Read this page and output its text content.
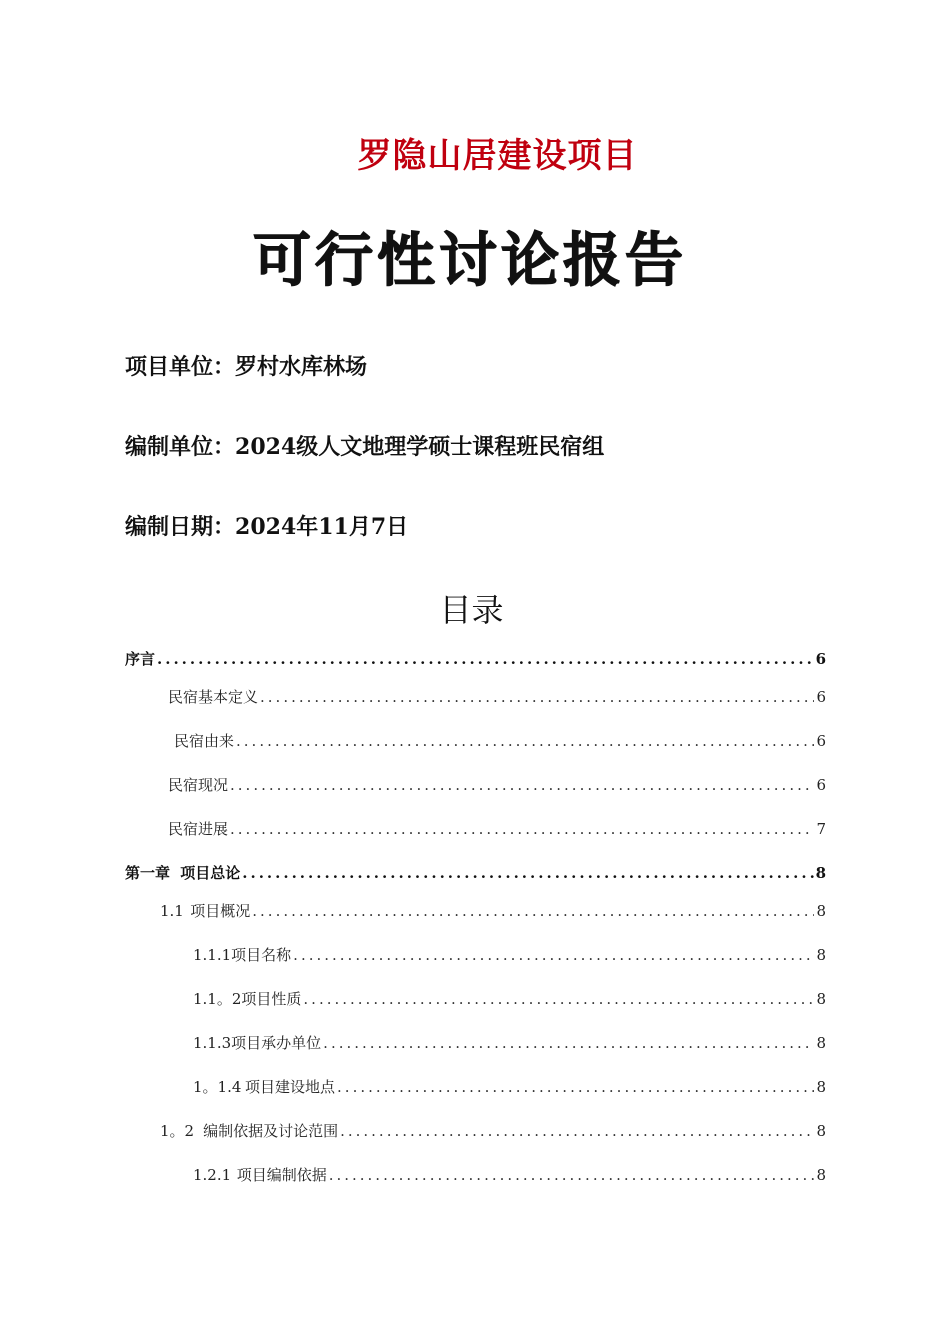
罗隐山居建设项目
可行性讨论报告
项目单位：罗村水库林场
编制单位：2024级人文地理学硕士课程班民宿组
编制日期：2024年11月7日
目录
序言 .....	6
民宿基本定义 .....	6
民宿由来 .....	6
民宿现况 .....	6
民宿进展 .....	7
第一章 项目总论 .....	8
1.1 项目概况 .....	8
1.1.1项目名称 .....	8
1.1。2项目性质 .....	8
1.1.3项目承办单位 .....	8
1。1.4 项目建设地点 .....	8
1。2 编制依据及讨论范围 .....	8
1.2.1 项目编制依据 .....	8
